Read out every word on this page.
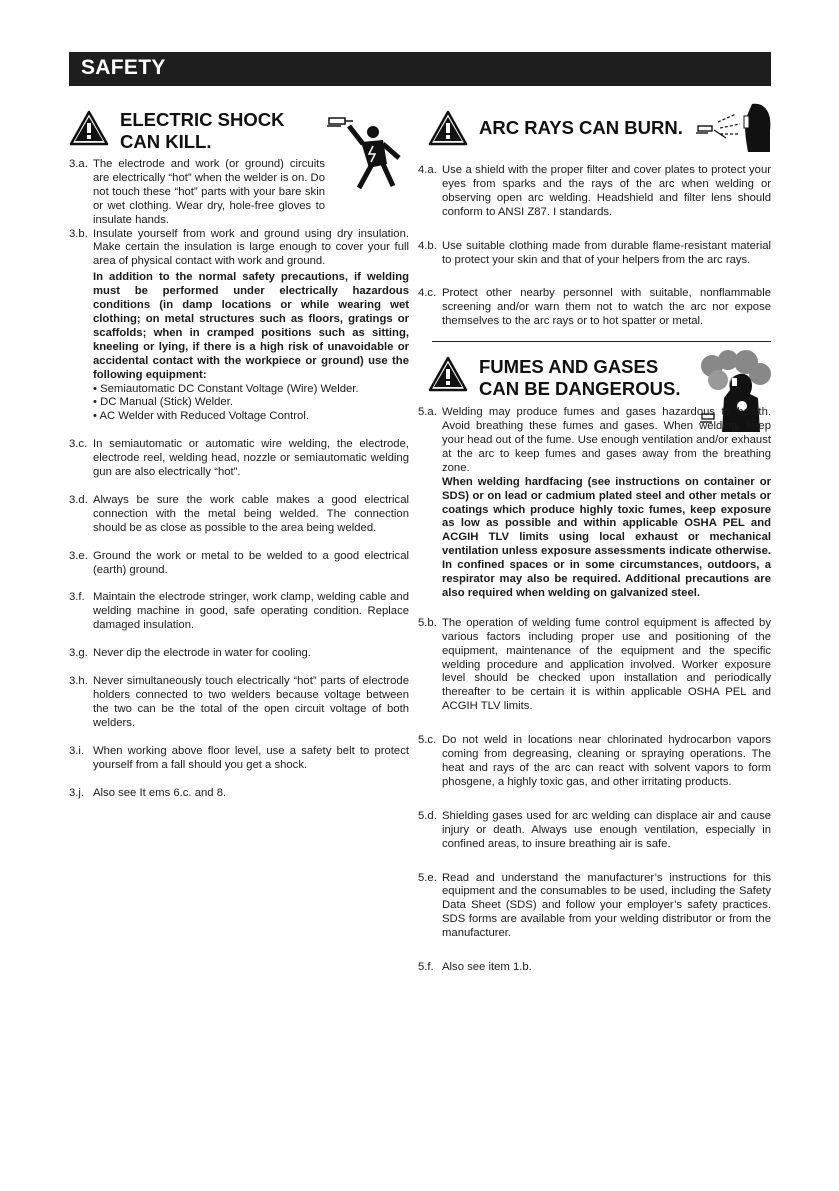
SAFETY
ELECTRIC SHOCK
CAN KILL.
3.a. The electrode and work (or ground) circuits are electrically “hot” when the welder is on. Do not touch these “hot” parts with your bare skin or wet clothing. Wear dry, hole-free gloves to insulate hands.

3.b. Insulate yourself from work and ground using dry insulation. Make certain the insulation is large enough to cover your full area of physical contact with work and ground.

In addition to the normal safety precautions, if welding must be performed under electrically hazardous conditions (in damp locations or while wearing wet clothing; on metal structures such as floors, gratings or scaffolds; when in cramped positions such as sitting, kneeling or lying, if there is a high risk of unavoidable or accidental contact with the workpiece or ground) use the following equipment:

• Semiautomatic DC Constant Voltage (Wire) Welder.

• DC Manual (Stick) Welder.

• AC Welder with Reduced Voltage Control.

3.c. In semiautomatic or automatic wire welding, the electrode, electrode reel, welding head, nozzle or semiautomatic welding gun are also electrically “hot”.

3.d. Always be sure the work cable makes a good electrical connection with the metal being welded. The connection should be as close as possible to the area being welded.

3.e. Ground the work or metal to be welded to a good electrical (earth) ground.

3.f. Maintain the electrode stringer, work clamp, welding cable and welding machine in good, safe operating condition. Replace damaged insulation.

3.g. Never dip the electrode in water for cooling.

3.h. Never simultaneously touch electrically “hot” parts of electrode holders connected to two welders because voltage between the two can be the total of the open circuit voltage of both welders.

3.i. When working above floor level, use a safety belt to protect yourself from a fall should you get a shock.

3.j. Also see It ems 6.c. and 8.

ARC RAYS CAN BURN.
4.a. Use a shield with the proper filter and cover plates to protect your eyes from sparks and the rays of the arc when welding or observing open arc welding. Headshield and filter lens should conform to ANSI Z87. I standards.

4.b. Use suitable clothing made from durable flame-resistant material to protect your skin and that of your helpers from the arc rays.

4.c. Protect other nearby personnel with suitable, nonflammable screening and/or warn them not to watch the arc nor expose themselves to the arc rays or to hot spatter or metal.

FUMES AND GASES
CAN BE DANGEROUS.
5.a. Welding may produce fumes and gases hazardous to health. Avoid breathing these fumes and gases. When welding, keep your head out of the fume. Use enough ventilation and/or exhaust at the arc to keep fumes and gases away from the breathing zone.

When welding hardfacing (see instructions on container or SDS) or on lead or cadmium plated steel and other metals or coatings which produce highly toxic fumes, keep exposure as low as possible and within applicable OSHA PEL and ACGIH TLV limits using local exhaust or mechanical ventilation unless exposure assessments indicate otherwise. In confined spaces or in some circumstances, outdoors, a respirator may also be required. Additional precautions are also required when welding on galvanized steel.

5.b. The operation of welding fume control equipment is affected by various factors including proper use and positioning of the equipment, maintenance of the equipment and the specific welding procedure and application involved. Worker exposure level should be checked upon installation and periodically thereafter to be certain it is within applicable OSHA PEL and ACGIH TLV limits.

5.c. Do not weld in locations near chlorinated hydrocarbon vapors coming from degreasing, cleaning or spraying operations. The heat and rays of the arc can react with solvent vapors to form phosgene, a highly toxic gas, and other irritating products.

5.d. Shielding gases used for arc welding can displace air and cause injury or death. Always use enough ventilation, especially in confined areas, to insure breathing air is safe.

5.e. Read and understand the manufacturer’s instructions for this equipment and the consumables to be used, including the Safety Data Sheet (SDS) and follow your employer’s safety practices. SDS forms are available from your welding distributor or from the manufacturer.

5.f. Also see item 1.b.
